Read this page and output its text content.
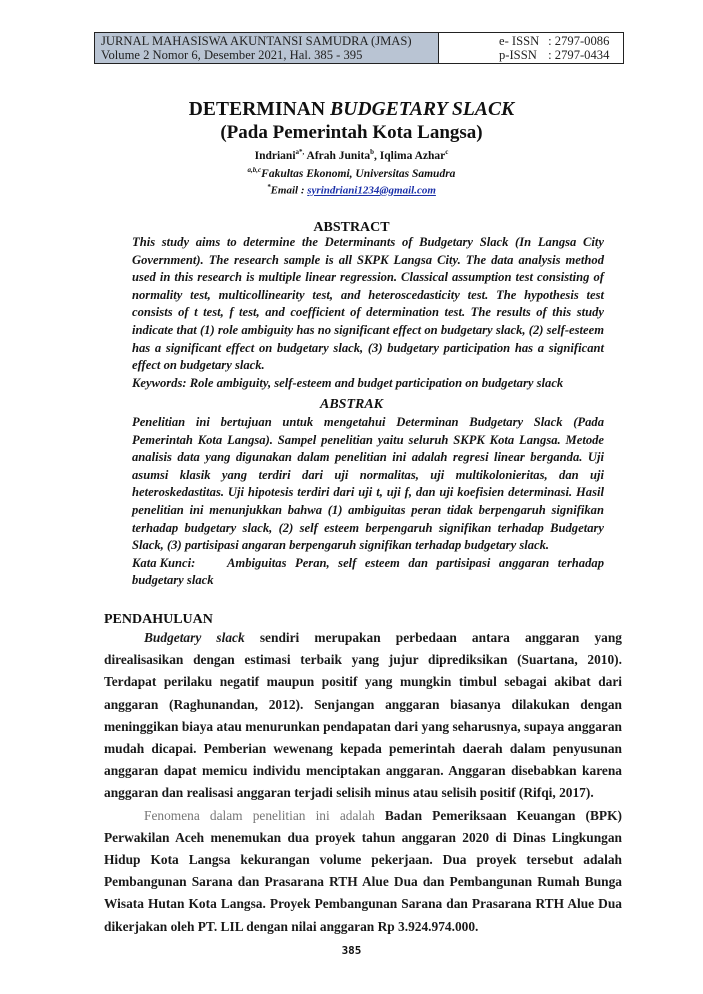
JURNAL MAHASISWA AKUNTANSI SAMUDRA (JMAS)
Volume 2 Nomor 6, Desember 2021, Hal. 385 - 395
e- ISSN : 2797-0086
p-ISSN : 2797-0434
DETERMINAN BUDGETARY SLACK
(Pada Pemerintah Kota Langsa)
Indriani$^{a*,}$ Afrah Junita$^b$, Iqlima Azhar$^c$
$^{a,b,c}$Fakultas Ekonomi, Universitas Samudra
*Email : syrindriani1234@gmail.com
ABSTRACT

This study aims to determine the Determinants of Budgetary Slack (In Langsa City Government). The research sample is all SKPK Langsa City. The data analysis method used in this research is multiple linear regression. Classical assumption test consisting of normality test, multicollinearity test, and heteroscedasticity test. The hypothesis test consists of t test, f test, and coefficient of determination test. The results of this study indicate that (1) role ambiguity has no significant effect on budgetary slack, (2) self-esteem has a significant effect on budgetary slack, (3) budgetary participation has a significant effect on budgetary slack.

Keywords: Role ambiguity, self-esteem and budget participation on budgetary slack

ABSTRAK

Penelitian ini bertujuan untuk mengetahui Determinan Budgetary Slack (Pada Pemerintah Kota Langsa). Sampel penelitian yaitu seluruh SKPK Kota Langsa. Metode analisis data yang digunakan dalam penelitian ini adalah regresi linear berganda. Uji asumsi klasik yang terdiri dari uji normalitas, uji multikolonieritas, dan uji heteroskedastitas. Uji hipotesis terdiri dari uji t, uji f, dan uji koefisien determinasi. Hasil penelitian ini menunjukkan bahwa (1) ambiguitas peran tidak berpengaruh signifikan terhadap budgetary slack, (2) self esteem berpengaruh signifikan terhadap Budgetary Slack, (3) partisipasi angaran berpengaruh signifikan terhadap budgetary slack.

Kata Kunci:	Ambiguitas Peran, self esteem dan partisipasi anggaran terhadap budgetary slack

PENDAHULUAN

Budgetary slack sendiri merupakan perbedaan antara anggaran yang direalisasikan dengan estimasi terbaik yang jujur diprediksikan (Suartana, 2010). Terdapat perilaku negatif maupun positif yang mungkin timbul sebagai akibat dari anggaran (Raghunandan, 2012). Senjangan anggaran biasanya dilakukan dengan meninggikan biaya atau menurunkan pendapatan dari yang seharusnya, supaya anggaran mudah dicapai. Pemberian wewenang kepada pemerintah daerah dalam penyusunan anggaran dapat memicu individu menciptakan anggaran. Anggaran disebabkan karena anggaran dan realisasi anggaran terjadi selisih minus atau selisih positif (Rifqi, 2017).

Fenomena dalam penelitian ini adalah Badan Pemeriksaan Keuangan (BPK) Perwakilan Aceh menemukan dua proyek tahun anggaran 2020 di Dinas Lingkungan Hidup Kota Langsa kekurangan volume pekerjaan. Dua proyek tersebut adalah Pembangunan Sarana dan Prasarana RTH Alue Dua dan Pembangunan Rumah Bunga Wisata Hutan Kota Langsa. Proyek Pembangunan Sarana dan Prasarana RTH Alue Dua dikerjakan oleh PT. LIL dengan nilai anggaran Rp 3.924.974.000.

385
